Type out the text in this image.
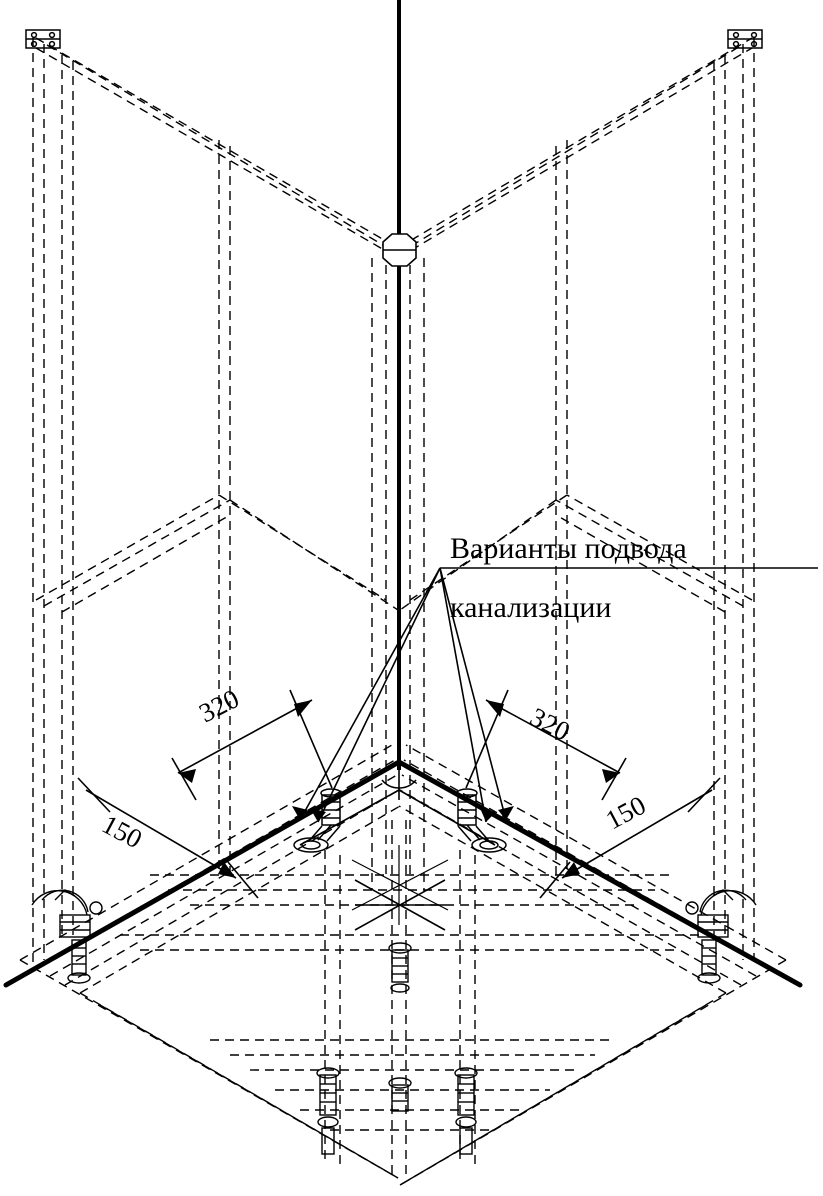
Варианты подвода
канализации
320	320
150	150
